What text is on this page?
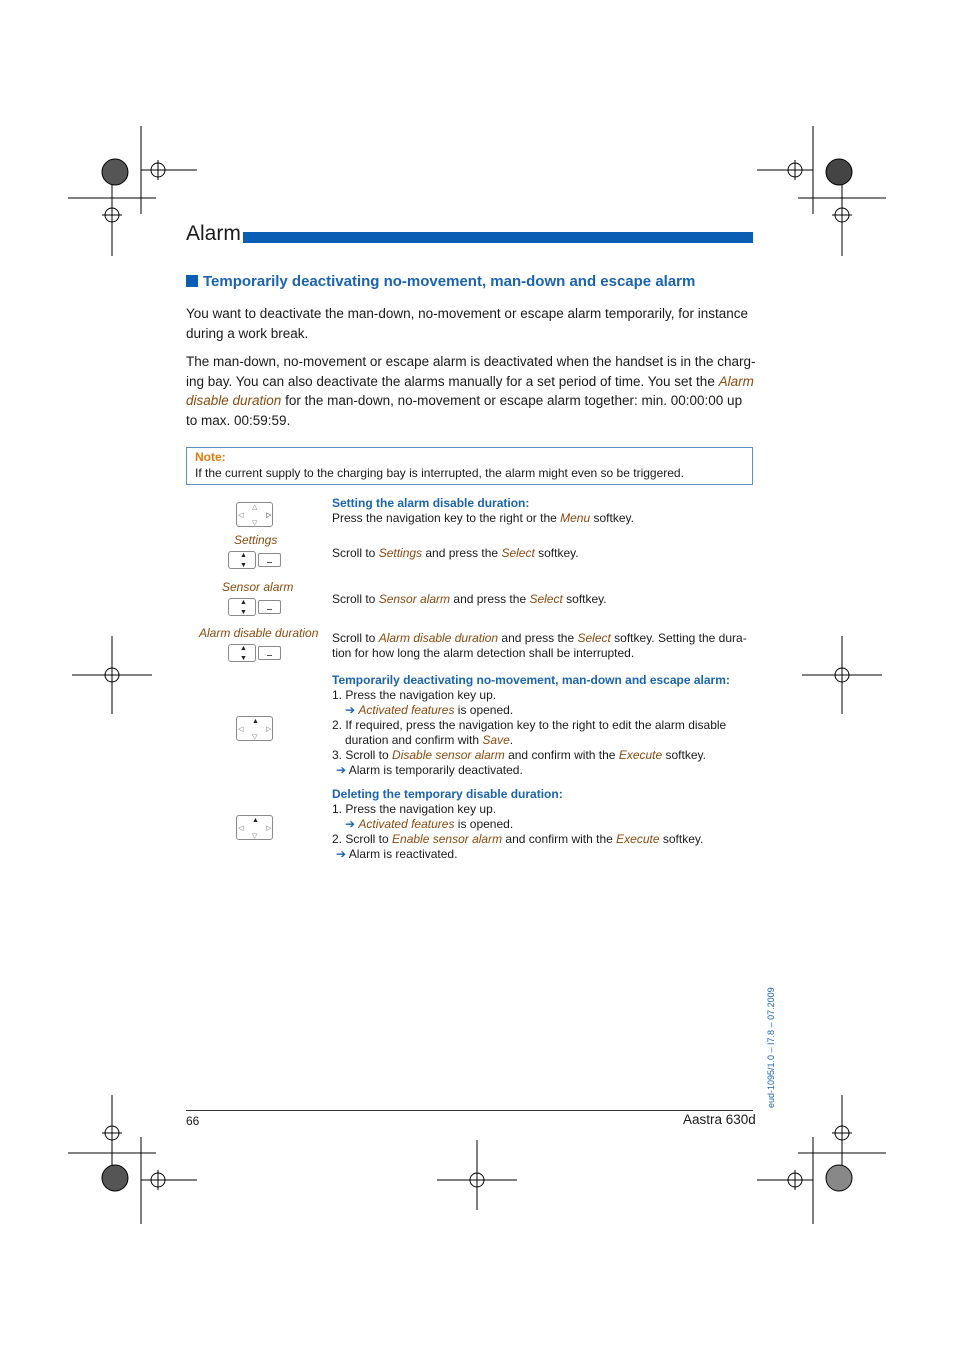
Alarm
Temporarily deactivating no-movement, man-down and escape alarm
You want to deactivate the man-down, no-movement or escape alarm temporarily, for instance during a work break.
The man-down, no-movement or escape alarm is deactivated when the handset is in the charg-
ing bay. You can also deactivate the alarms manually for a set period of time. You set the Alarm
disable duration for the man-down, no-movement or escape alarm together: min. 00:00:00 up
to max. 00:59:59.
Note:
If the current supply to the charging bay is interrupted, the alarm might even so be triggered.
△
◁	▷
▽
Settings
▲
▼
Sensor alarm
▲
▼
Alarm disable duration
▲
▼
▲
◁	▷
▽
▲
◁	▷
▽
Setting the alarm disable duration:
Press the navigation key to the right or the Menu softkey.
Scroll to Settings and press the Select softkey.
Scroll to Sensor alarm and press the Select softkey.
Scroll to Alarm disable duration and press the Select softkey. Setting the dura-
tion for how long the alarm detection shall be interrupted.
Temporarily deactivating no-movement, man-down and escape alarm:
1. Press the navigation key up.
➔ Activated features is opened.
2. If required, press the navigation key to the right to edit the alarm disable
duration and confirm with Save.
3. Scroll to Disable sensor alarm and confirm with the Execute softkey.
➔ Alarm is temporarily deactivated.
Deleting the temporary disable duration:
1. Press the navigation key up.
➔ Activated features is opened.
2. Scroll to Enable sensor alarm and confirm with the Execute softkey.
➔ Alarm is reactivated.
eud-1095/1.0 – I7.8 – 07.2009
66	Aastra 630d
